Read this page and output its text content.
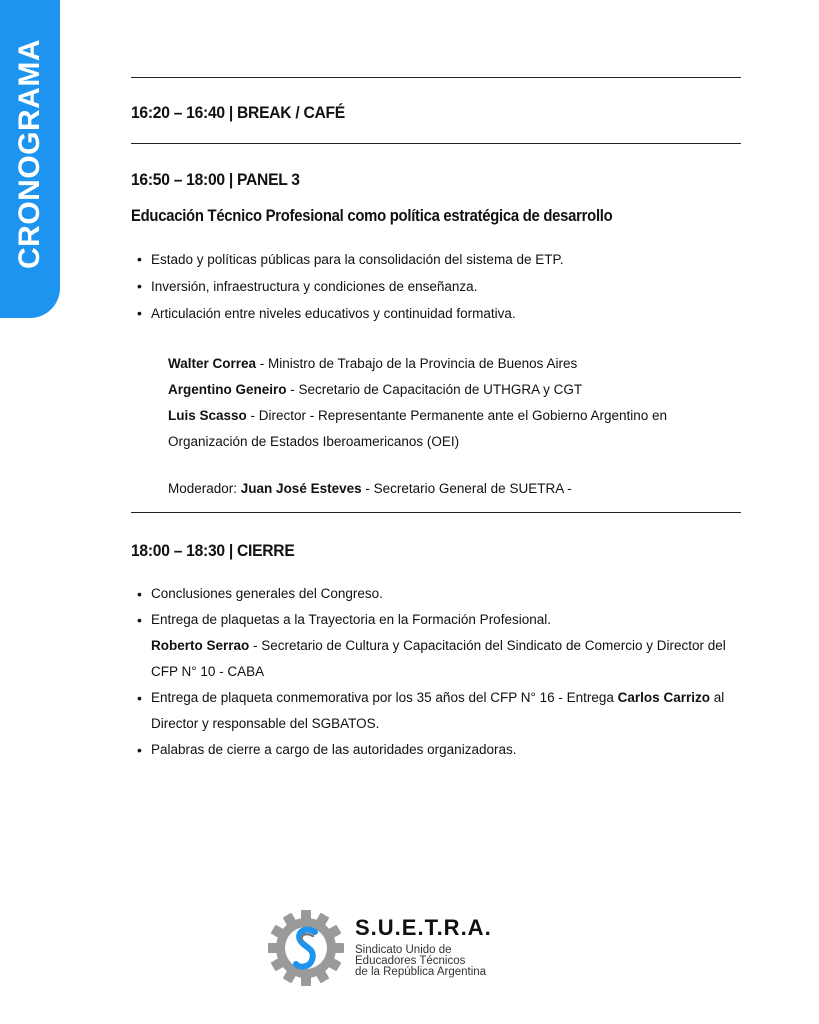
CRONOGRAMA	16:20 – 16:40 | BREAK / CAFÉ
16:50 – 18:00 | PANEL 3
Educación Técnico Profesional como política estratégica de desarrollo
• Estado y políticas públicas para la consolidación del sistema de ETP.
• Inversión, infraestructura y condiciones de enseñanza.
• Articulación entre niveles educativos y continuidad formativa.
Walter Correa - Ministro de Trabajo de la Provincia de Buenos Aires
Argentino Geneiro - Secretario de Capacitación de UTHGRA y CGT
Luis Scasso - Director - Representante Permanente ante el Gobierno Argentino en Organización de Estados Iberoamericanos (OEI)
Moderador: Juan José Esteves - Secretario General de SUETRA -
18:00 – 18:30 | CIERRE
• Conclusiones generales del Congreso.
• Entrega de plaquetas a la Trayectoria en la Formación Profesional.
Roberto Serrao - Secretario de Cultura y Capacitación del Sindicato de Comercio y Director del CFP N° 10 - CABA
• Entrega de plaqueta conmemorativa por los 35 años del CFP N° 16 - Entrega Carlos Carrizo al Director y responsable del SGBATOS.
• Palabras de cierre a cargo de las autoridades organizadoras.
S.U.E.T.R.A.
Sindicato Unido de
Educadores Técnicos
de la República Argentina
